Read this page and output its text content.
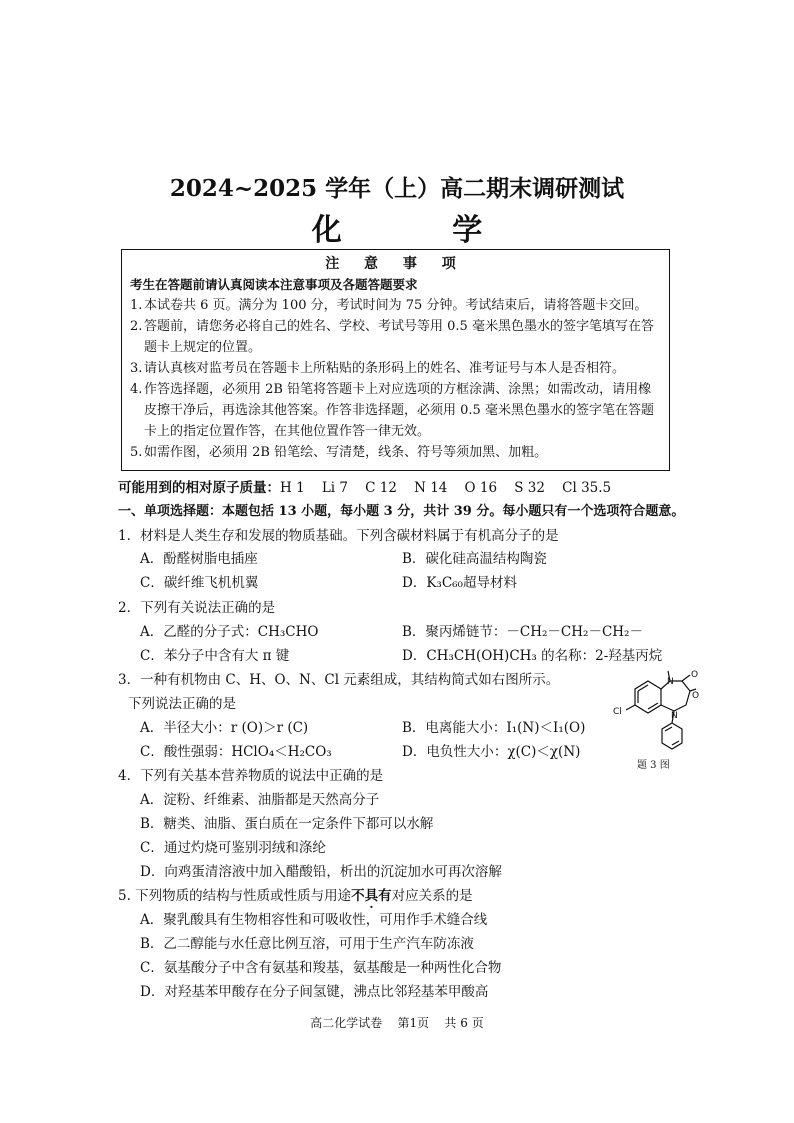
2024~2025 学年（上）高二期末调研测试
化 学
注 意 事 项
考生在答题前请认真阅读本注意事项及各题答题要求
1. 本试卷共 6 页。满分为 100 分，考试时间为 75 分钟。考试结束后，请将答题卡交回。
2. 答题前，请您务必将自己的姓名、学校、考试号等用 0.5 毫米黑色墨水的签字笔填写在答题卡上规定的位置。
3. 请认真核对监考员在答题卡上所粘贴的条形码上的姓名、准考证号与本人是否相符。
4. 作答选择题，必须用 2B 铅笔将答题卡上对应选项的方框涂满、涂黑；如需改动，请用橡皮擦干净后，再选涂其他答案。作答非选择题，必须用 0.5 毫米黑色墨水的签字笔在答题卡上的指定位置作答，在其他位置作答一律无效。
5. 如需作图，必须用 2B 铅笔绘、写清楚，线条、符号等须加黑、加粗。
可能用到的相对原子质量：H 1    Li 7    C 12    N 14    O 16    S 32    Cl 35.5
一、单项选择题：本题包括 13 小题，每小题 3 分，共计 39 分。每小题只有一个选项符合题意。
1．材料是人类生存和发展的物质基础。下列含碳材料属于有机高分子的是
A．酚醛树脂电插座	B．碳化硅高温结构陶瓷
C．碳纤维飞机机翼	D．K₃C₆₀超导材料
2．下列有关说法正确的是
A．乙醛的分子式：CH₃CHO	B．聚丙烯链节：－CH₂－CH₂－CH₂－
C．苯分子中含有大 π 键	D．CH₃CH(OH)CH₃ 的名称：2-羟基丙烷
3．一种有机物由 C、H、O、N、Cl 元素组成，其结构简式如右图所示。
下列说法正确的是
A．半径大小：r (O)＞r (C)	B．电离能大小：I₁(N)＜I₁(O)
C．酸性强弱：HClO₄＜H₂CO₃	D．电负性大小：χ(C)＜χ(N)
N
O
O
Cl	N
题 3 图
4．下列有关基本营养物质的说法中正确的是
A．淀粉、纤维素、油脂都是天然高分子
B．糖类、油脂、蛋白质在一定条件下都可以水解
C．通过灼烧可鉴别羽绒和涤纶
D．向鸡蛋清溶液中加入醋酸铅，析出的沉淀加水可再次溶解
5. 下列物质的结构与性质或性质与用途不具有对应关系的是
A．聚乳酸具有生物相容性和可吸收性，可用作手术缝合线
B．乙二醇能与水任意比例互溶，可用于生产汽车防冻液
C．氨基酸分子中含有氨基和羧基，氨基酸是一种两性化合物
D．对羟基苯甲酸存在分子间氢键，沸点比邻羟基苯甲酸高
高二化学试卷    第1页    共 6 页
